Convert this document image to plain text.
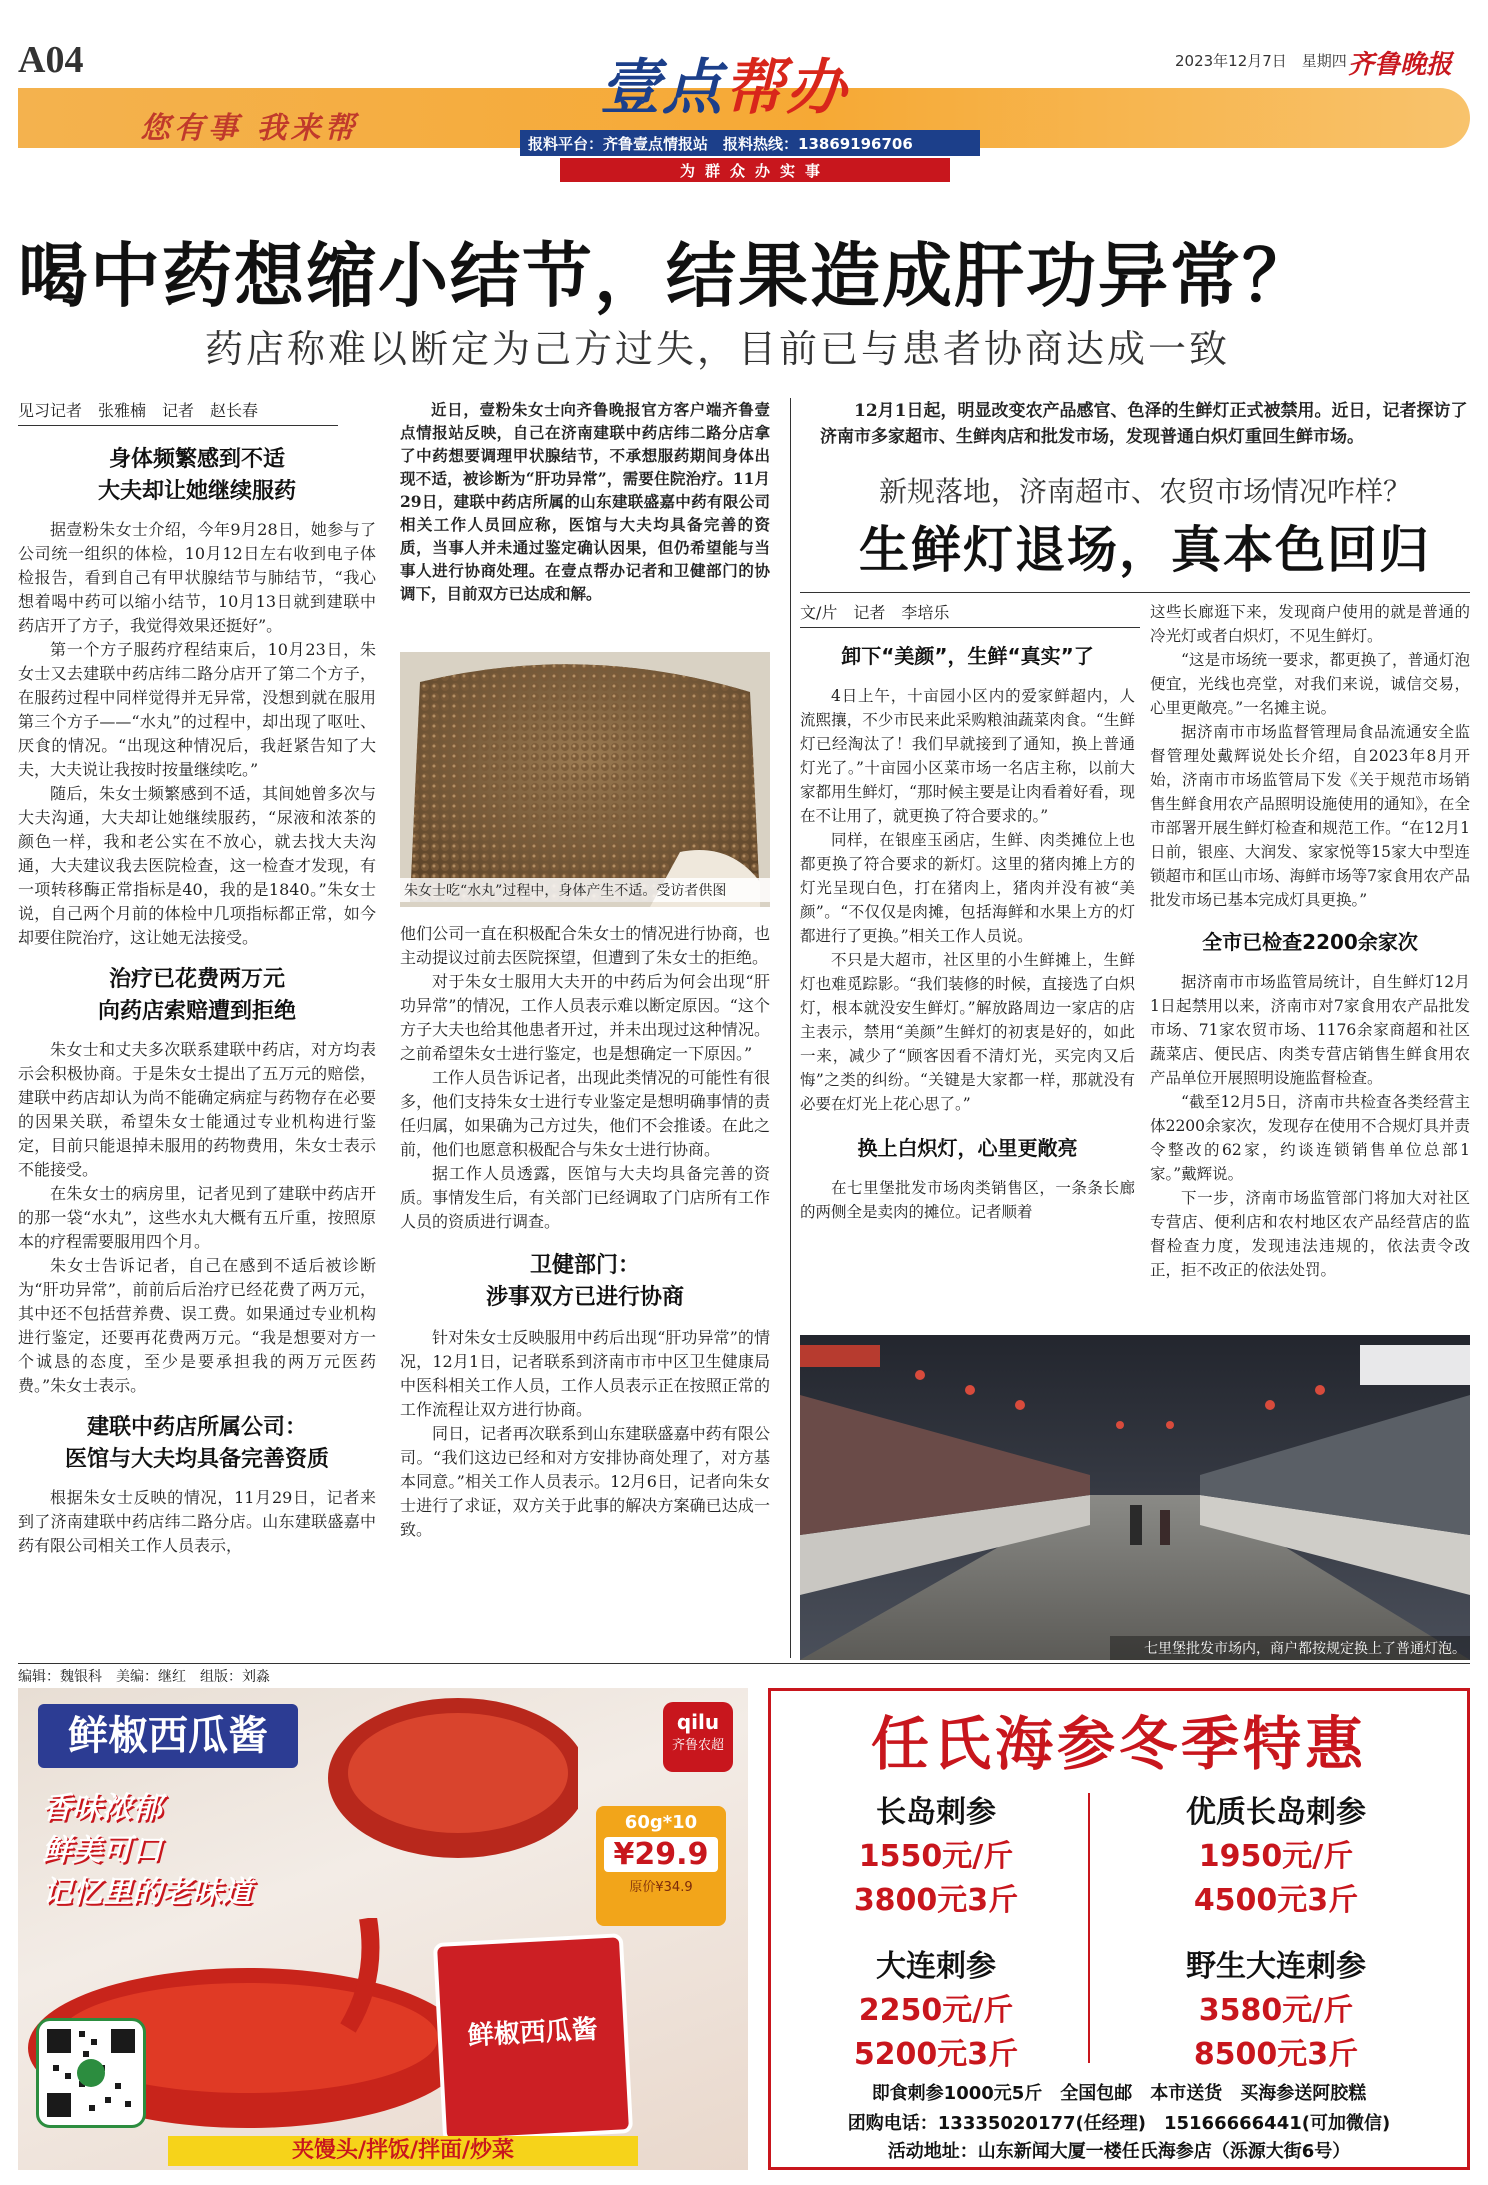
A04
您有事 我来帮
壹点帮办
报料平台：齐鲁壹点情报站　报料热线：13869196706
为群众办实事
2023年12月7日　星期四 齐鲁晚报
喝中药想缩小结节，结果造成肝功异常？
药店称难以断定为己方过失，目前已与患者协商达成一致
见习记者　张雅楠　记者　赵长春
身体频繁感到不适
大夫却让她继续服药

据壹粉朱女士介绍，今年9月28日，她参与了公司统一组织的体检，10月12日左右收到电子体检报告，看到自己有甲状腺结节与肺结节，“我心想着喝中药可以缩小结节，10月13日就到建联中药店开了方子，我觉得效果还挺好”。

第一个方子服药疗程结束后，10月23日，朱女士又去建联中药店纬二路分店开了第二个方子，在服药过程中同样觉得并无异常，没想到就在服用第三个方子——“水丸”的过程中，却出现了呕吐、厌食的情况。“出现这种情况后，我赶紧告知了大夫，大夫说让我按时按量继续吃。”

随后，朱女士频繁感到不适，其间她曾多次与大夫沟通，大夫却让她继续服药，“尿液和浓茶的颜色一样，我和老公实在不放心，就去找大夫沟通，大夫建议我去医院检查，这一检查才发现，有一项转移酶正常指标是40，我的是1840。”朱女士说，自己两个月前的体检中几项指标都正常，如今却要住院治疗，这让她无法接受。

治疗已花费两万元
向药店索赔遭到拒绝

朱女士和丈夫多次联系建联中药店，对方均表示会积极协商。于是朱女士提出了五万元的赔偿，建联中药店却认为尚不能确定病症与药物存在必要的因果关联，希望朱女士能通过专业机构进行鉴定，目前只能退掉未服用的药物费用，朱女士表示不能接受。

在朱女士的病房里，记者见到了建联中药店开的那一袋“水丸”，这些水丸大概有五斤重，按照原本的疗程需要服用四个月。

朱女士告诉记者，自己在感到不适后被诊断为“肝功异常”，前前后后治疗已经花费了两万元，其中还不包括营养费、误工费。如果通过专业机构进行鉴定，还要再花费两万元。“我是想要对方一个诚恳的态度，至少是要承担我的两万元医药费。”朱女士表示。

建联中药店所属公司：
医馆与大夫均具备完善资质

根据朱女士反映的情况，11月29日，记者来到了济南建联中药店纬二路分店。山东建联盛嘉中药有限公司相关工作人员表示，

近日，壹粉朱女士向齐鲁晚报官方客户端齐鲁壹点情报站反映，自己在济南建联中药店纬二路分店拿了中药想要调理甲状腺结节，不承想服药期间身体出现不适，被诊断为“肝功异常”，需要住院治疗。11月29日，建联中药店所属的山东建联盛嘉中药有限公司相关工作人员回应称，医馆与大夫均具备完善的资质，当事人并未通过鉴定确认因果，但仍希望能与当事人进行协商处理。在壹点帮办记者和卫健部门的协调下，目前双方已达成和解。

朱女士吃“水丸”过程中，身体产生不适。受访者供图

他们公司一直在积极配合朱女士的情况进行协商，也主动提议过前去医院探望，但遭到了朱女士的拒绝。

对于朱女士服用大夫开的中药后为何会出现“肝功异常”的情况，工作人员表示难以断定原因。“这个方子大夫也给其他患者开过，并未出现过这种情况。之前希望朱女士进行鉴定，也是想确定一下原因。”

工作人员告诉记者，出现此类情况的可能性有很多，他们支持朱女士进行专业鉴定是想明确事情的责任归属，如果确为己方过失，他们不会推诿。在此之前，他们也愿意积极配合与朱女士进行协商。

据工作人员透露，医馆与大夫均具备完善的资质。事情发生后，有关部门已经调取了门店所有工作人员的资质进行调查。

卫健部门：
涉事双方已进行协商

针对朱女士反映服用中药后出现“肝功异常”的情况，12月1日，记者联系到济南市市中区卫生健康局中医科相关工作人员，工作人员表示正在按照正常的工作流程让双方进行协商。

同日，记者再次联系到山东建联盛嘉中药有限公司。“我们这边已经和对方安排协商处理了，对方基本同意。”相关工作人员表示。12月6日，记者向朱女士进行了求证，双方关于此事的解决方案确已达成一致。

12月1日起，明显改变农产品感官、色泽的生鲜灯正式被禁用。近日，记者探访了济南市多家超市、生鲜肉店和批发市场，发现普通白炽灯重回生鲜市场。
新规落地，济南超市、农贸市场情况咋样？
生鲜灯退场，真本色回归
文/片　记者　李培乐
卸下“美颜”，生鲜“真实”了

4日上午，十亩园小区内的爱家鲜超内，人流熙攘，不少市民来此采购粮油蔬菜肉食。“生鲜灯已经淘汰了！我们早就接到了通知，换上普通灯光了。”十亩园小区菜市场一名店主称，以前大家都用生鲜灯，“那时候主要是让肉看着好看，现在不让用了，就更换了符合要求的。”

同样，在银座玉函店，生鲜、肉类摊位上也都更换了符合要求的新灯。这里的猪肉摊上方的灯光呈现白色，打在猪肉上，猪肉并没有被“美颜”。“不仅仅是肉摊，包括海鲜和水果上方的灯都进行了更换。”相关工作人员说。

不只是大超市，社区里的小生鲜摊上，生鲜灯也难觅踪影。“我们装修的时候，直接选了白炽灯，根本就没安生鲜灯。”解放路周边一家店的店主表示，禁用“美颜”生鲜灯的初衷是好的，如此一来，减少了“顾客因看不清灯光，买完肉又后悔”之类的纠纷。“关键是大家都一样，那就没有必要在灯光上花心思了。”

换上白炽灯，心里更敞亮

在七里堡批发市场肉类销售区，一条条长廊的两侧全是卖肉的摊位。记者顺着

这些长廊逛下来，发现商户使用的就是普通的冷光灯或者白炽灯，不见生鲜灯。

“这是市场统一要求，都更换了，普通灯泡便宜，光线也亮堂，对我们来说，诚信交易，心里更敞亮。”一名摊主说。

据济南市市场监督管理局食品流通安全监督管理处戴辉说处长介绍，自2023年8月开始，济南市市场监管局下发《关于规范市场销售生鲜食用农产品照明设施使用的通知》，在全市部署开展生鲜灯检查和规范工作。“在12月1日前，银座、大润发、家家悦等15家大中型连锁超市和匡山市场、海鲜市场等7家食用农产品批发市场已基本完成灯具更换。”

全市已检查2200余家次

据济南市市场监管局统计，自生鲜灯12月1日起禁用以来，济南市对7家食用农产品批发市场、71家农贸市场、1176余家商超和社区蔬菜店、便民店、肉类专营店销售生鲜食用农产品单位开展照明设施监督检查。

“截至12月5日，济南市共检查各类经营主体2200余家次，发现存在使用不合规灯具并责令整改的62家，约谈连锁销售单位总部1家。”戴辉说。

下一步，济南市场监管部门将加大对社区专营店、便利店和农村地区农产品经营店的监督检查力度，发现违法违规的，依法责令改正，拒不改正的依法处罚。

七里堡批发市场内，商户都按规定换上了普通灯泡。
编辑：魏银科　美编：继红　组版：刘淼
鲜椒西瓜酱
香味浓郁
鲜美可口
记忆里的老味道
qilu
齐鲁农超
60g*10
¥29.9
原价¥34.9
鲜椒西瓜酱
夹馒头/拌饭/拌面/炒菜
任氏海参冬季特惠
长岛刺参
1550元/斤
3800元3斤
优质长岛刺参
1950元/斤
4500元3斤
大连刺参
2250元/斤
5200元3斤
野生大连刺参
3580元/斤
8500元3斤
即食刺参1000元5斤　全国包邮　本市送货　买海参送阿胶糕
团购电话：13335020177(任经理)　15166666441(可加微信)
活动地址：山东新闻大厦一楼任氏海参店（泺源大街6号）
